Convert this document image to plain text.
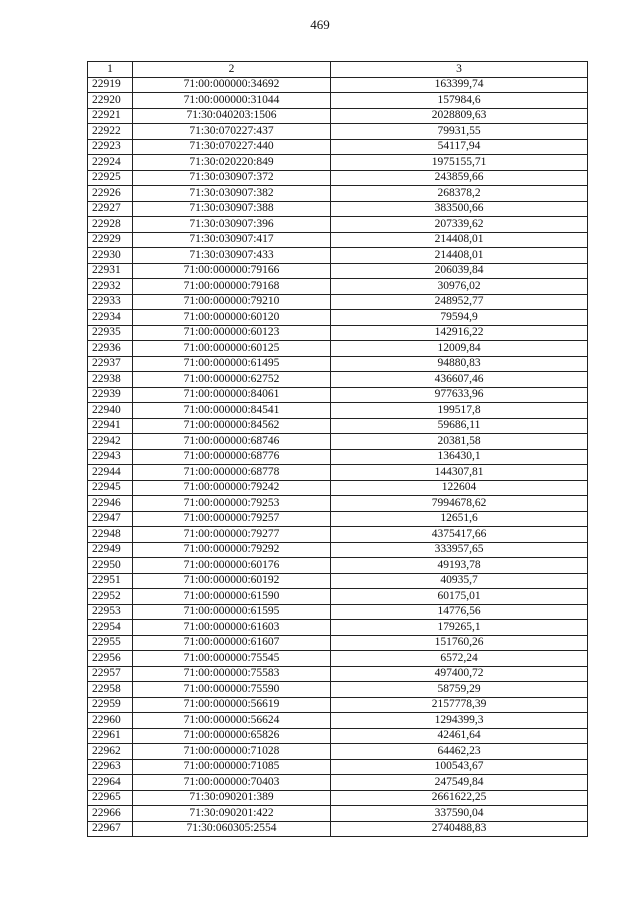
469
1	2	3
22919	71:00:000000:34692	163399,74
22920	71:00:000000:31044	157984,6
22921	71:30:040203:1506	2028809,63
22922	71:30:070227:437	79931,55
22923	71:30:070227:440	54117,94
22924	71:30:020220:849	1975155,71
22925	71:30:030907:372	243859,66
22926	71:30:030907:382	268378,2
22927	71:30:030907:388	383500,66
22928	71:30:030907:396	207339,62
22929	71:30:030907:417	214408,01
22930	71:30:030907:433	214408,01
22931	71:00:000000:79166	206039,84
22932	71:00:000000:79168	30976,02
22933	71:00:000000:79210	248952,77
22934	71:00:000000:60120	79594,9
22935	71:00:000000:60123	142916,22
22936	71:00:000000:60125	12009,84
22937	71:00:000000:61495	94880,83
22938	71:00:000000:62752	436607,46
22939	71:00:000000:84061	977633,96
22940	71:00:000000:84541	199517,8
22941	71:00:000000:84562	59686,11
22942	71:00:000000:68746	20381,58
22943	71:00:000000:68776	136430,1
22944	71:00:000000:68778	144307,81
22945	71:00:000000:79242	122604
22946	71:00:000000:79253	7994678,62
22947	71:00:000000:79257	12651,6
22948	71:00:000000:79277	4375417,66
22949	71:00:000000:79292	333957,65
22950	71:00:000000:60176	49193,78
22951	71:00:000000:60192	40935,7
22952	71:00:000000:61590	60175,01
22953	71:00:000000:61595	14776,56
22954	71:00:000000:61603	179265,1
22955	71:00:000000:61607	151760,26
22956	71:00:000000:75545	6572,24
22957	71:00:000000:75583	497400,72
22958	71:00:000000:75590	58759,29
22959	71:00:000000:56619	2157778,39
22960	71:00:000000:56624	1294399,3
22961	71:00:000000:65826	42461,64
22962	71:00:000000:71028	64462,23
22963	71:00:000000:71085	100543,67
22964	71:00:000000:70403	247549,84
22965	71:30:090201:389	2661622,25
22966	71:30:090201:422	337590,04
22967	71:30:060305:2554	2740488,83
